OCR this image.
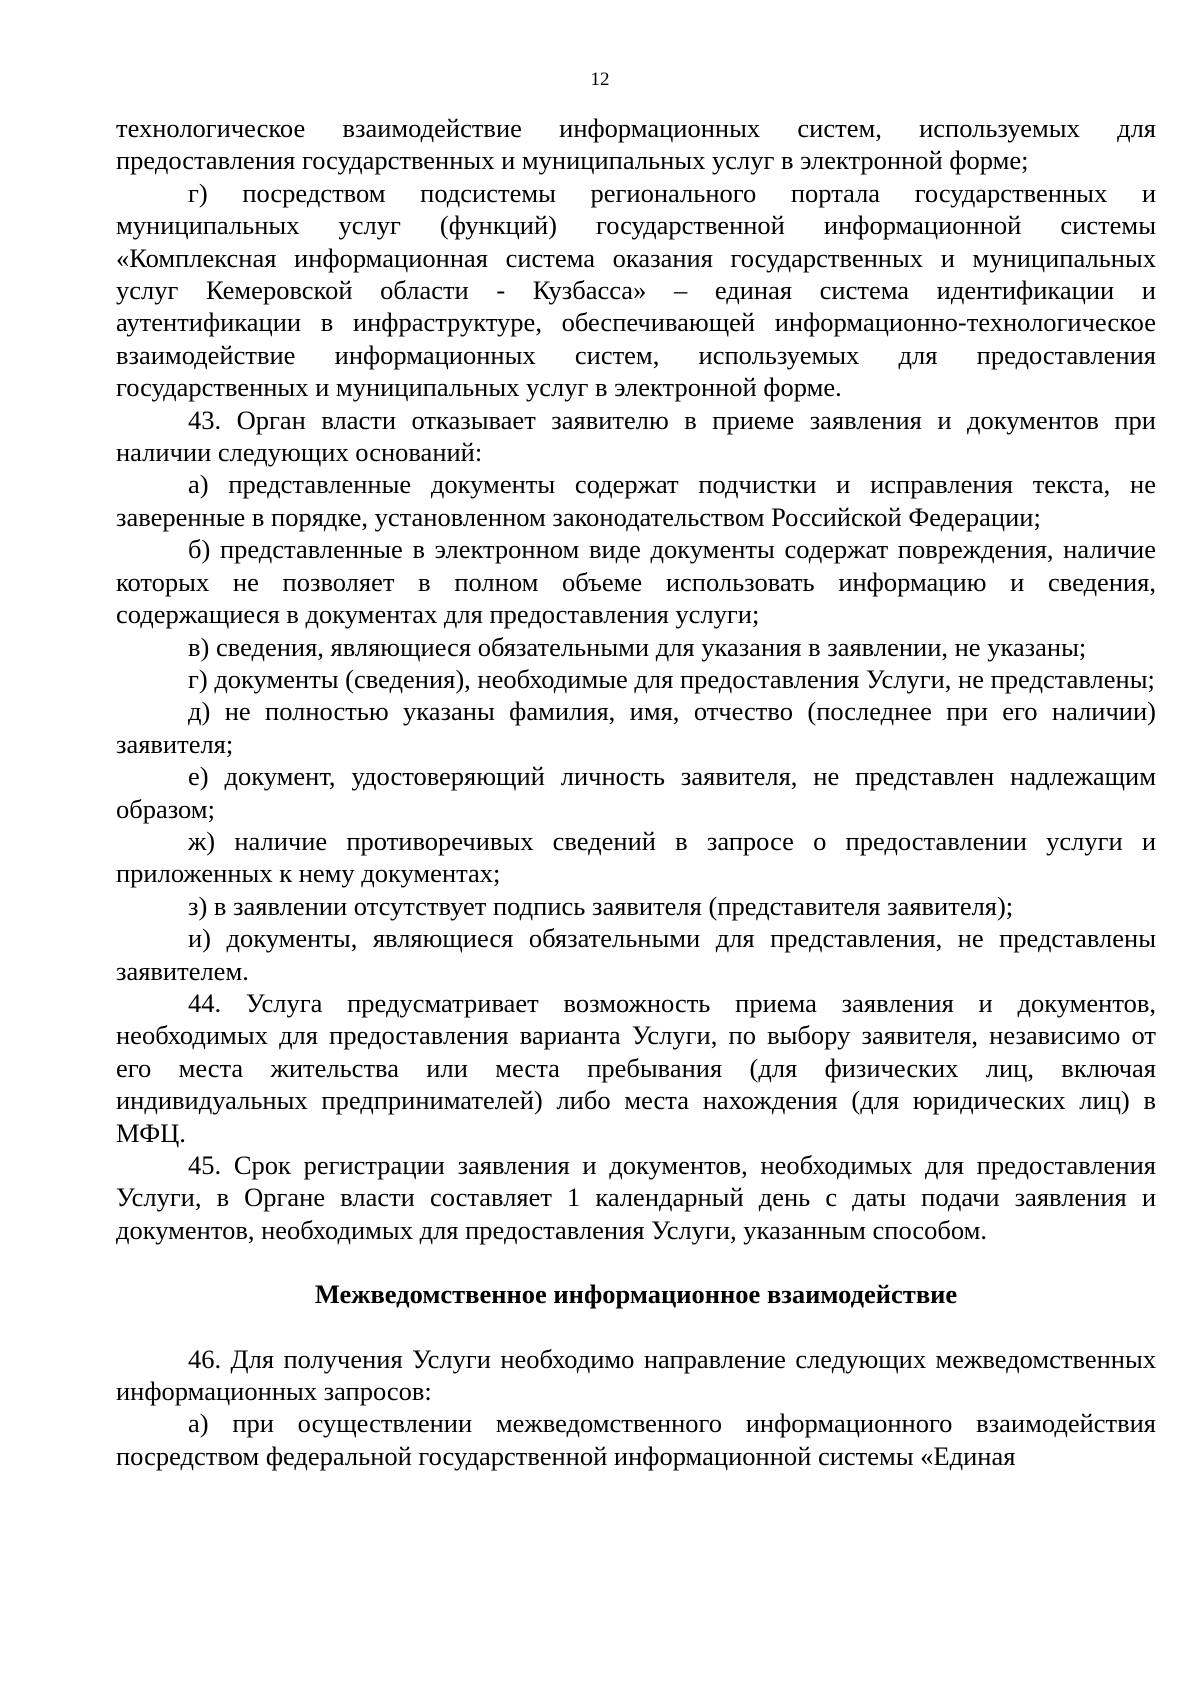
12

технологическое взаимодействие информационных систем, используемых для предоставления государственных и муниципальных услуг в электронной форме;

г) посредством подсистемы регионального портала государственных и муниципальных услуг (функций) государственной информационной системы «Комплексная информационная система оказания государственных и муниципальных услуг Кемеровской области - Кузбасса» – единая система идентификации и аутентификации в инфраструктуре, обеспечивающей информационно-технологическое взаимодействие информационных систем, используемых для предоставления государственных и муниципальных услуг в электронной форме.

43. Орган власти отказывает заявителю в приеме заявления и документов при наличии следующих оснований:

а) представленные документы содержат подчистки и исправления текста, не заверенные в порядке, установленном законодательством Российской Федерации;

б) представленные в электронном виде документы содержат повреждения, наличие которых не позволяет в полном объеме использовать информацию и сведения, содержащиеся в документах для предоставления услуги;

в) сведения, являющиеся обязательными для указания в заявлении, не указаны;

г) документы (сведения), необходимые для предоставления Услуги, не представлены;

д) не полностью указаны фамилия, имя, отчество (последнее при его наличии) заявителя;

е) документ, удостоверяющий личность заявителя, не представлен надлежащим образом;

ж) наличие противоречивых сведений в запросе о предоставлении услуги и приложенных к нему документах;

з) в заявлении отсутствует подпись заявителя (представителя заявителя);

и) документы, являющиеся обязательными для представления, не представлены заявителем.

44. Услуга предусматривает возможность приема заявления и документов, необходимых для предоставления варианта Услуги, по выбору заявителя, независимо от его места жительства или места пребывания (для физических лиц, включая индивидуальных предпринимателей) либо места нахождения (для юридических лиц) в МФЦ.

45. Срок регистрации заявления и документов, необходимых для предоставления Услуги, в Органе власти составляет 1 календарный день с даты подачи заявления и документов, необходимых для предоставления Услуги, указанным способом.

Межведомственное информационное взаимодействие

46. Для получения Услуги необходимо направление следующих межведомственных информационных запросов:

а) при осуществлении межведомственного информационного взаимодействия посредством федеральной государственной информационной системы «Единая
